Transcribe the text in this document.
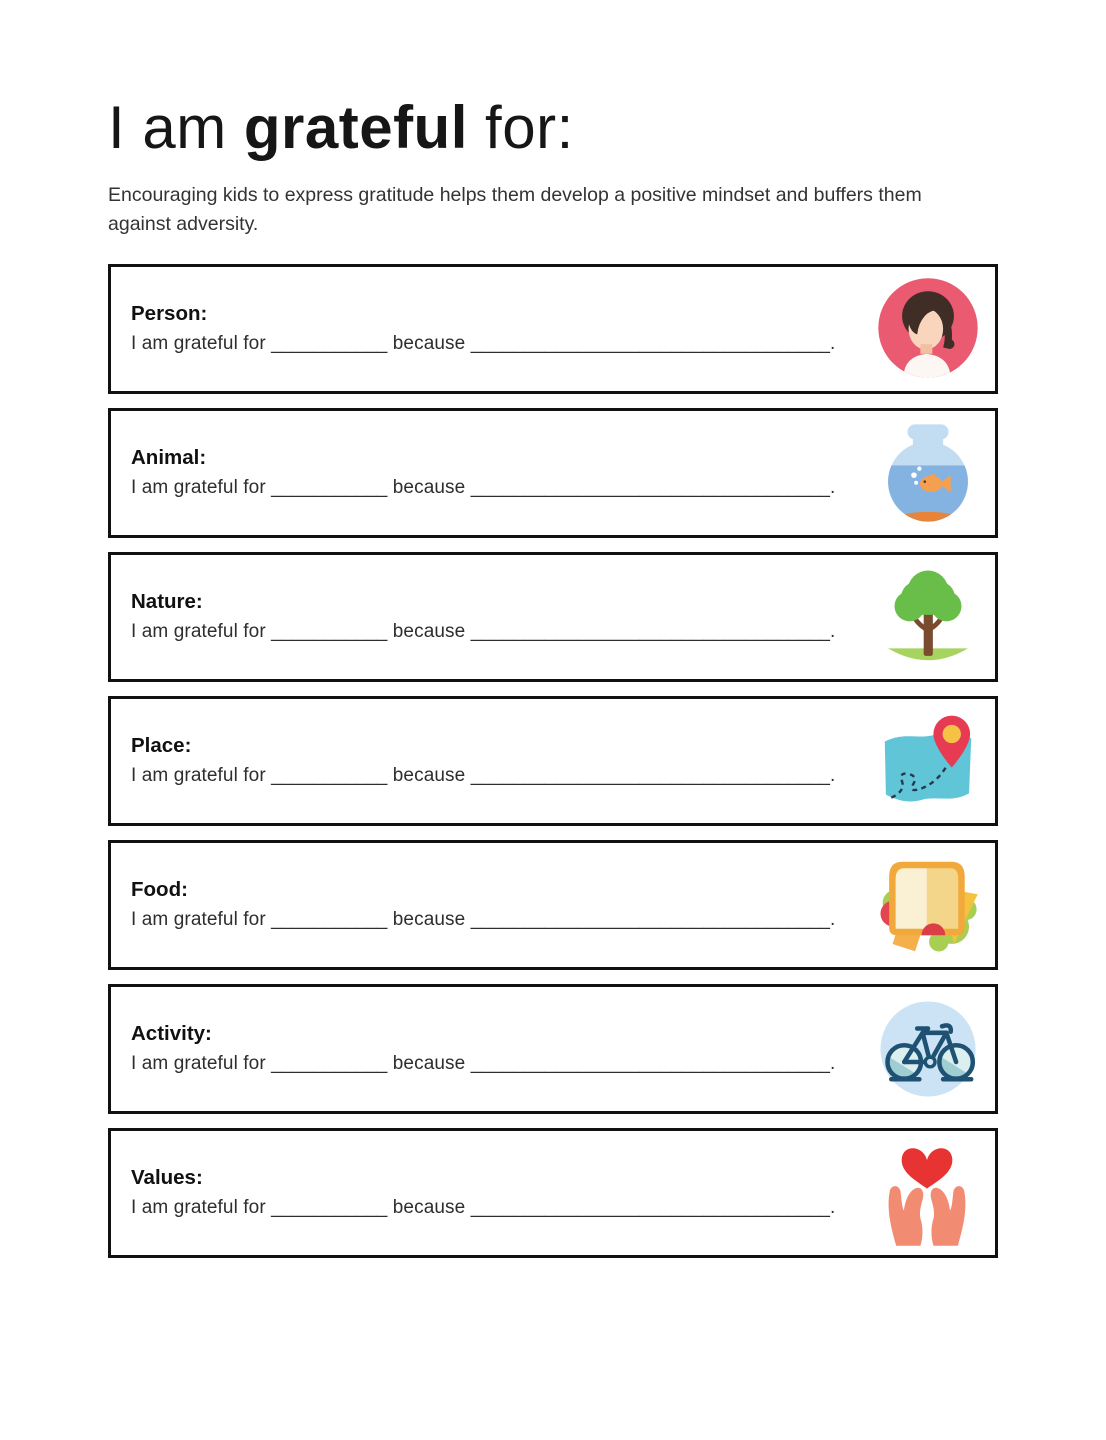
I am grateful for:

Encouraging kids to express gratitude helps them develop a positive mindset and buffers them against adversity.

Person:
I am grateful for ___________ because __________________________________.
Animal:
I am grateful for ___________ because __________________________________.
Nature:
I am grateful for ___________ because __________________________________.
Place:
I am grateful for ___________ because __________________________________.
Food:
I am grateful for ___________ because __________________________________.
Activity:
I am grateful for ___________ because __________________________________.
Values:
I am grateful for ___________ because __________________________________.
